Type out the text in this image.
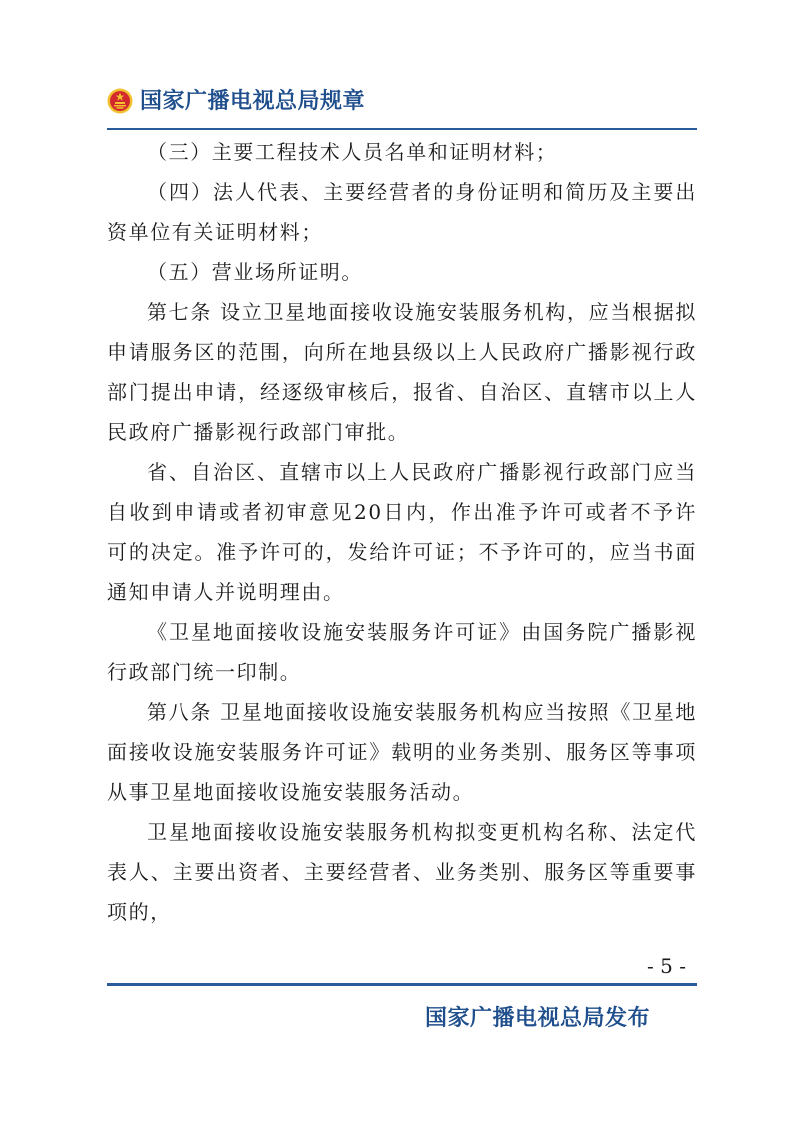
国家广播电视总局规章

（三）主要工程技术人员名单和证明材料；

（四）法人代表、主要经营者的身份证明和简历及主要出资单位有关证明材料；

（五）营业场所证明。

第七条 设立卫星地面接收设施安装服务机构，应当根据拟申请服务区的范围，向所在地县级以上人民政府广播影视行政部门提出申请，经逐级审核后，报省、自治区、直辖市以上人民政府广播影视行政部门审批。

省、自治区、直辖市以上人民政府广播影视行政部门应当自收到申请或者初审意见20日内，作出准予许可或者不予许可的决定。准予许可的，发给许可证；不予许可的，应当书面通知申请人并说明理由。

《卫星地面接收设施安装服务许可证》由国务院广播影视行政部门统一印制。

第八条 卫星地面接收设施安装服务机构应当按照《卫星地面接收设施安装服务许可证》载明的业务类别、服务区等事项从事卫星地面接收设施安装服务活动。

卫星地面接收设施安装服务机构拟变更机构名称、法定代表人、主要出资者、主要经营者、业务类别、服务区等重要事项的，

- 5 -
国家广播电视总局发布
